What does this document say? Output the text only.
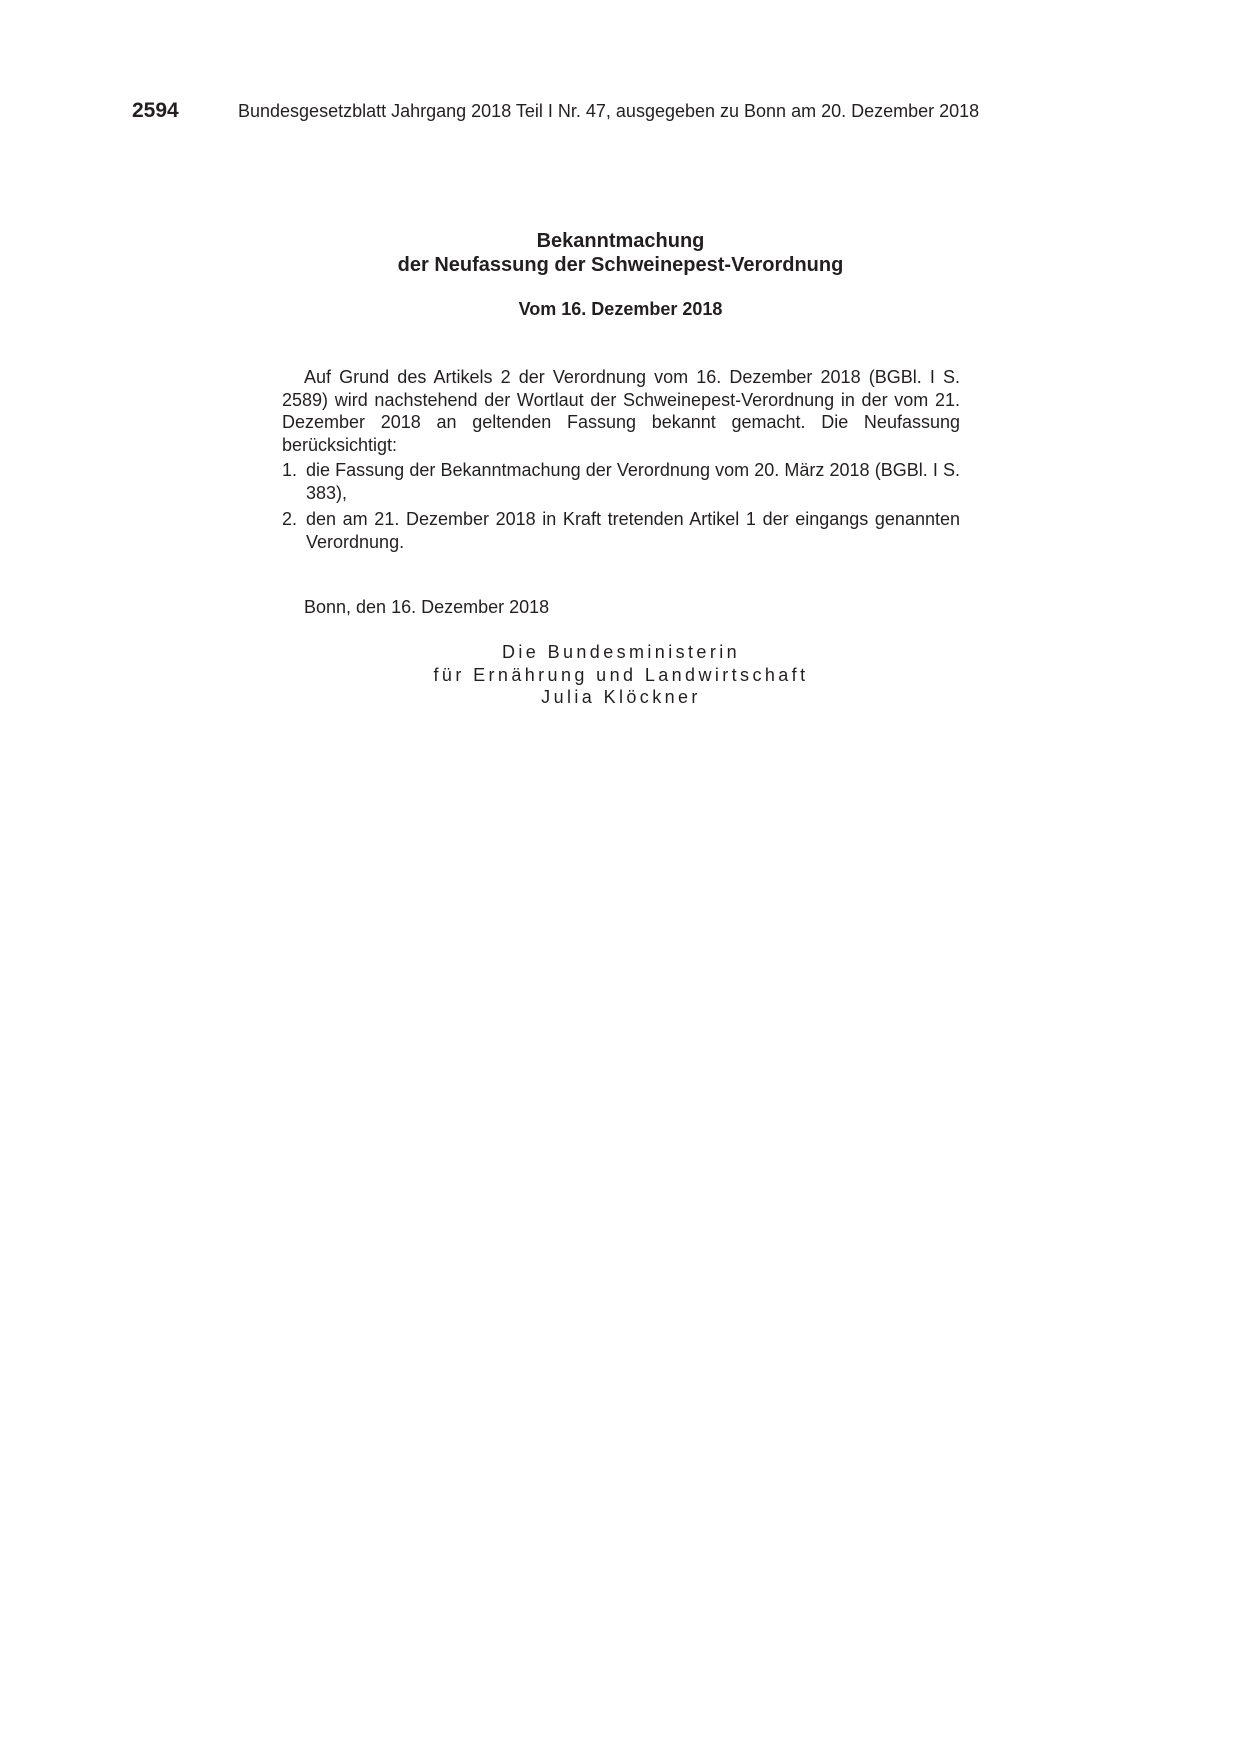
2594	Bundesgesetzblatt Jahrgang 2018 Teil I Nr. 47, ausgegeben zu Bonn am 20. Dezember 2018
Bekanntmachung
der Neufassung der Schweinepest-Verordnung
Vom 16. Dezember 2018

Auf Grund des Artikels 2 der Verordnung vom 16. Dezember 2018 (BGBl. I S. 2589) wird nachstehend der Wortlaut der Schweinepest-Verordnung in der vom 21. Dezember 2018 an geltenden Fassung bekannt gemacht. Die Neufassung berücksichtigt:

1. die Fassung der Bekanntmachung der Verordnung vom 20. März 2018 (BGBl. I S. 383),
2. den am 21. Dezember 2018 in Kraft tretenden Artikel 1 der eingangs genannten Verordnung.
Bonn, den 16. Dezember 2018
Die Bundesministerin
für Ernährung und Landwirtschaft
Julia Klöckner
